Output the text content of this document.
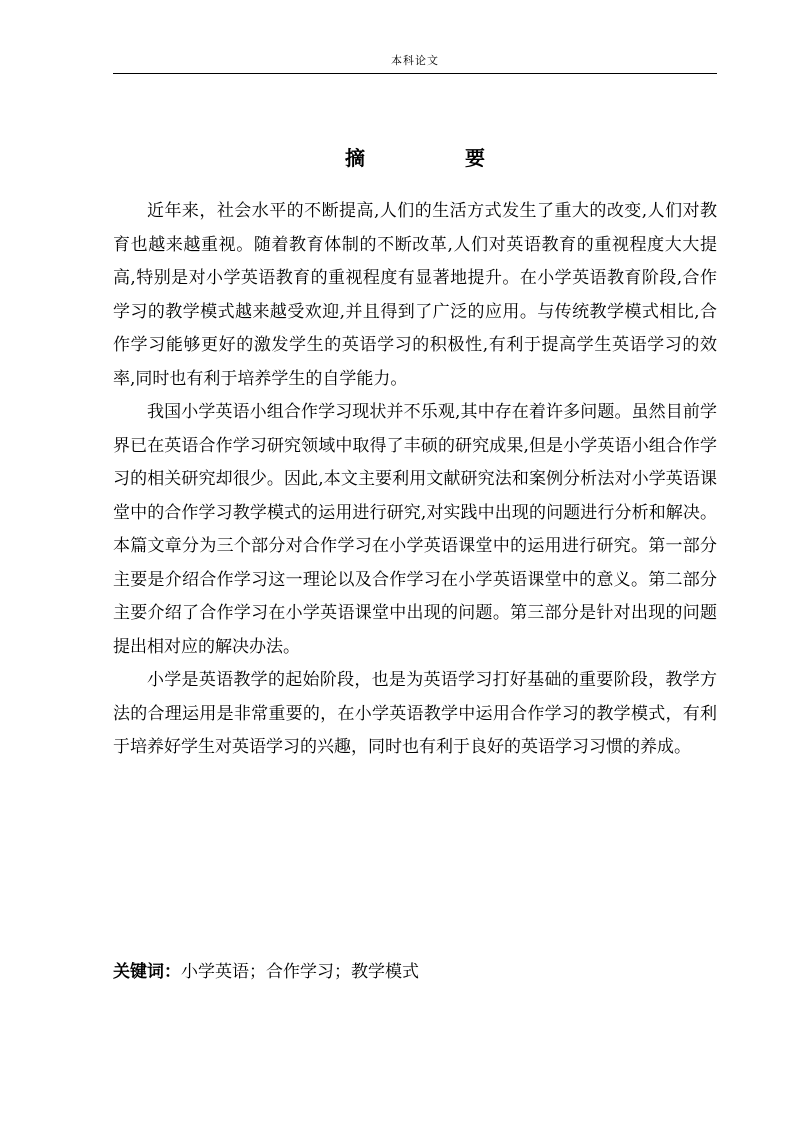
本科论文
摘　要

近年来，社会水平的不断提高,人们的生活方式发生了重大的改变,人们对教育也越来越重视。随着教育体制的不断改革,人们对英语教育的重视程度大大提高,特别是对小学英语教育的重视程度有显著地提升。在小学英语教育阶段,合作学习的教学模式越来越受欢迎,并且得到了广泛的应用。与传统教学模式相比,合作学习能够更好的激发学生的英语学习的积极性,有利于提高学生英语学习的效率,同时也有利于培养学生的自学能力。

我国小学英语小组合作学习现状并不乐观,其中存在着许多问题。虽然目前学界已在英语合作学习研究领域中取得了丰硕的研究成果,但是小学英语小组合作学习的相关研究却很少。因此,本文主要利用文献研究法和案例分析法对小学英语课堂中的合作学习教学模式的运用进行研究,对实践中出现的问题进行分析和解决。本篇文章分为三个部分对合作学习在小学英语课堂中的运用进行研究。第一部分主要是介绍合作学习这一理论以及合作学习在小学英语课堂中的意义。第二部分主要介绍了合作学习在小学英语课堂中出现的问题。第三部分是针对出现的问题提出相对应的解决办法。

小学是英语教学的起始阶段，也是为英语学习打好基础的重要阶段，教学方法的合理运用是非常重要的，在小学英语教学中运用合作学习的教学模式，有利于培养好学生对英语学习的兴趣，同时也有利于良好的英语学习习惯的养成。

关键词：小学英语；合作学习；教学模式
